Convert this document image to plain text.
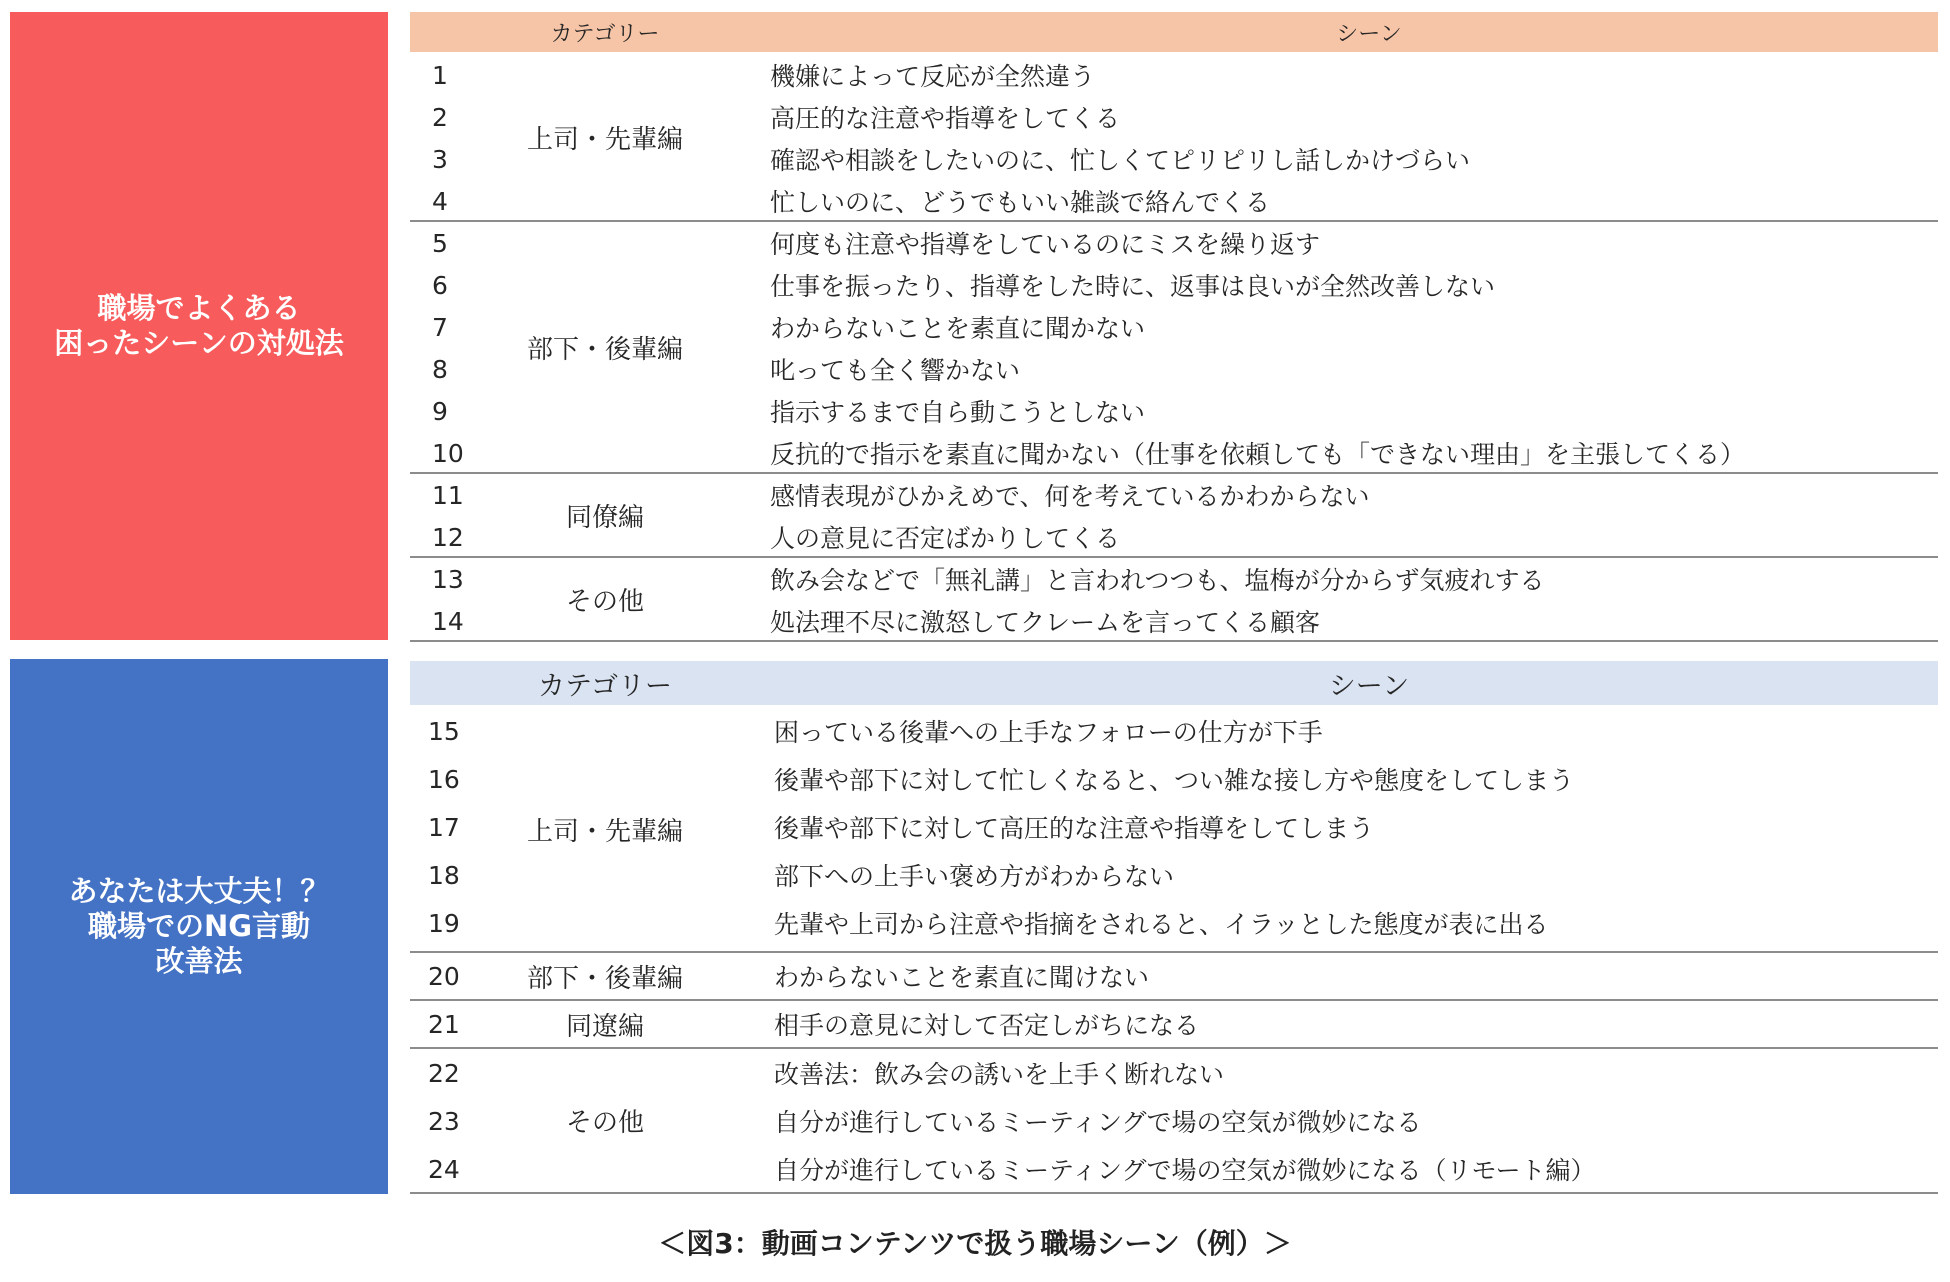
職場でよくある
困ったシーンの対処法
カテゴリー	シーン
上司・先輩編
1	機嫌によって反応が全然違う
2	高圧的な注意や指導をしてくる
3	確認や相談をしたいのに、忙しくてピリピリし話しかけづらい
4	忙しいのに、どうでもいい雑談で絡んでくる
部下・後輩編
5	何度も注意や指導をしているのにミスを繰り返す
6	仕事を振ったり、指導をした時に、返事は良いが全然改善しない
7	わからないことを素直に聞かない
8	叱っても全く響かない
9	指示するまで自ら動こうとしない
10	反抗的で指示を素直に聞かない（仕事を依頼しても「できない理由」を主張してくる）
同僚編
11	感情表現がひかえめで、何を考えているかわからない
12	人の意見に否定ばかりしてくる
その他
13	飲み会などで「無礼講」と言われつつも、塩梅が分からず気疲れする
14	処法理不尽に激怒してクレームを言ってくる顧客
あなたは大丈夫！？
職場でのNG言動
改善法
カテゴリー	シーン
上司・先輩編
15	困っている後輩への上手なフォローの仕方が下手
16	後輩や部下に対して忙しくなると、つい雑な接し方や態度をしてしまう
17	後輩や部下に対して高圧的な注意や指導をしてしまう
18	部下への上手い褒め方がわからない
19	先輩や上司から注意や指摘をされると、イラッとした態度が表に出る
部下・後輩編
20	わからないことを素直に聞けない
同遼編
21	相手の意見に対して否定しがちになる
その他
22	改善法：飲み会の誘いを上手く断れない
23	自分が進行しているミーティングで場の空気が微妙になる
24	自分が進行しているミーティングで場の空気が微妙になる（リモート編）
＜図3：動画コンテンツで扱う職場シーン（例）＞
